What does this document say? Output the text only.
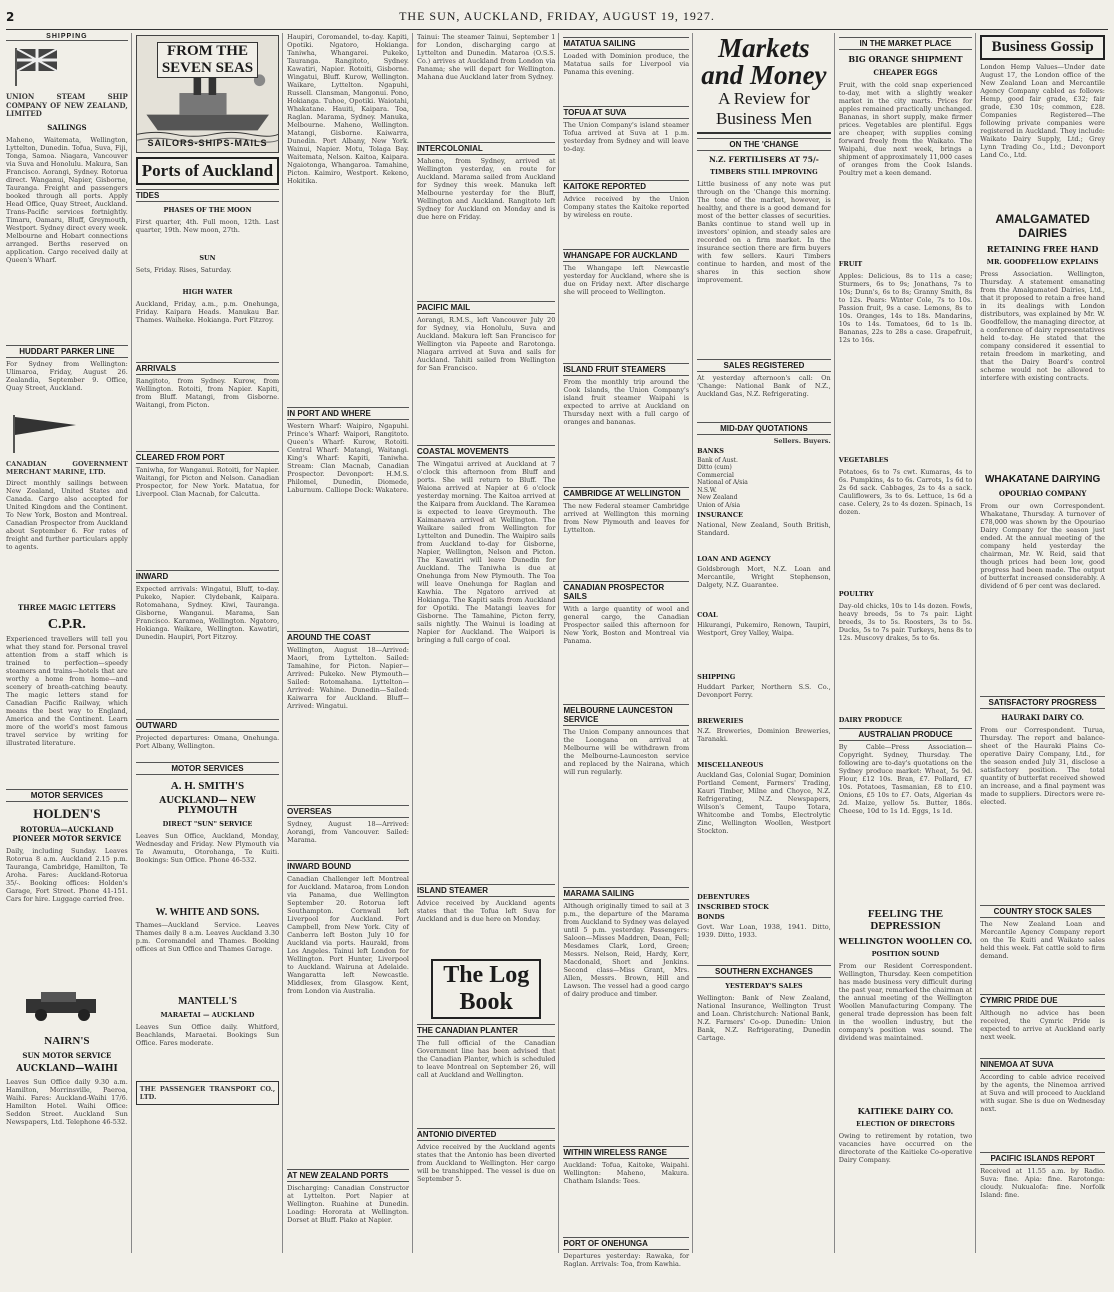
2	THE SUN, AUCKLAND, FRIDAY, AUGUST 19, 1927.
SHIPPING
UNION STEAM SHIP COMPANY OF NEW ZEALAND, LIMITED
SAILINGS
Maheno, Waitemata, Wellington, Lyttelton, Dunedin. Tofua, Suva, Fiji, Tonga, Samoa. Niagara, Vancouver via Suva and Honolulu. Makura, San Francisco. Aorangi, Sydney. Rotorua direct. Wanganui, Napier, Gisborne, Tauranga. Freight and passengers booked through all ports. Apply Head Office, Quay Street, Auckland. Trans-Pacific services fortnightly. Timaru, Oamaru, Bluff, Greymouth, Westport. Sydney direct every week. Melbourne and Hobart connections arranged. Berths reserved on application. Cargo received daily at Queen's Wharf.
HUDDART PARKER LINE
For Sydney from Wellington: Ulimaroa, Friday, August 26. Zealandia, September 9. Office, Quay Street, Auckland.
CANADIAN GOVERNMENT MERCHANT MARINE, LTD.
Direct monthly sailings between New Zealand, United States and Canada. Cargo also accepted for United Kingdom and the Continent. To New York, Boston and Montreal. Canadian Prospector from Auckland about September 6. For rates of freight and further particulars apply to agents.
THREE MAGIC LETTERS
C.P.R.
Experienced travellers will tell you what they stand for. Personal travel attention from a staff which is trained to perfection—speedy steamers and trains—hotels that are worthy a home from home—and scenery of breath-catching beauty. The magic letters stand for Canadian Pacific Railway, which means the best way to England, America and the Continent. Learn more of the world's most famous travel service by writing for illustrated literature.
MOTOR SERVICES
HOLDEN'S
ROTORUA—AUCKLAND PIONEER MOTOR SERVICE
Daily, including Sunday. Leaves Rotorua 8 a.m. Auckland 2.15 p.m. Tauranga, Cambridge, Hamilton, Te Aroha. Fares: Auckland-Rotorua 35/-. Booking offices: Holden's Garage, Fort Street. Phone 41-151. Cars for hire. Luggage carried free.
NAIRN'S
SUN MOTOR SERVICE
AUCKLAND—WAIHI
Leaves Sun Office daily 9.30 a.m. Hamilton, Morrinsville, Paeroa, Waihi. Fares: Auckland-Waihi 17/6. Hamilton Hotel. Waihi Office: Seddon Street. Auckland Sun Newspapers, Ltd. Telephone 46-532.
FROM THE SEVEN SEAS
SAILORS-SHIPS-MAILS
Ports of Auckland
TIDES
PHASES OF THE MOON
First quarter, 4th. Full moon, 12th. Last quarter, 19th. New moon, 27th.
SUN
Sets, Friday. Rises, Saturday.
HIGH WATER
Auckland, Friday, a.m., p.m. Onehunga, Friday. Kaipara Heads. Manukau Bar. Thames. Waiheke. Hokianga. Port Fitzroy.
ARRIVALS
Rangitoto, from Sydney. Kurow, from Wellington. Rotoiti, from Napier. Kapiti, from Bluff. Matangi, from Gisborne. Waitangi, from Picton.
CLEARED FROM PORT
Taniwha, for Wanganui. Rotoiti, for Napier. Waitangi, for Picton and Nelson. Canadian Prospector, for New York. Matatua, for Liverpool. Clan Macnab, for Calcutta.
INWARD
Expected arrivals: Wingatui, Bluff, to-day. Pukeko, Napier. Clydebank, Kaipara. Rotomahana, Sydney. Kiwi, Tauranga. Gisborne, Wanganui. Marama, San Francisco. Karamea, Wellington. Ngatoro, Hokianga. Waikare, Wellington. Kawatiri, Dunedin. Haupiri, Port Fitzroy.
OUTWARD
Projected departures: Omana, Onehunga. Port Albany, Wellington.
MOTOR SERVICES
A. H. SMITH'S
AUCKLAND— NEW PLYMOUTH
DIRECT "SUN" SERVICE
Leaves Sun Office, Auckland, Monday, Wednesday and Friday. New Plymouth via Te Awamutu, Otorohanga, Te Kuiti. Bookings: Sun Office. Phone 46-532.
W. WHITE AND SONS.
Thames—Auckland Service. Leaves Thames daily 8 a.m. Leaves Auckland 3.30 p.m. Coromandel and Thames. Booking offices at Sun Office and Thames Garage.
MANTELL'S
MARAETAI — AUCKLAND
Leaves Sun Office daily. Whitford, Beachlands, Maraetai. Bookings Sun Office. Fares moderate.
THE PASSENGER TRANSPORT CO., LTD.
Haupiri, Coromandel, to-day. Kapiti, Opotiki. Ngatoro, Hokianga. Taniwha, Whangarei. Pukeko, Tauranga. Rangitoto, Sydney. Kawatiri, Napier. Rotoiti, Gisborne. Wingatui, Bluff. Kurow, Wellington. Waikare, Lyttelton. Ngapuhi, Russell. Clansman, Mangonui. Pono, Hokianga. Tuhoe, Opotiki. Waiotahi, Whakatane. Hauiti, Kaipara. Toa, Raglan. Marama, Sydney. Manuka, Melbourne. Maheno, Wellington. Matangi, Gisborne. Kaiwarra, Dunedin. Port Albany, New York. Wainui, Napier. Motu, Tolaga Bay. Waitemata, Nelson. Kaitoa, Kaipara. Ngaiotonga, Whangaroa. Tamahine, Picton. Kaimiro, Westport. Kekeno, Hokitika.
IN PORT AND WHERE
Western Wharf: Waipiro, Ngapuhi. Prince's Wharf: Waipori, Rangitoto. Queen's Wharf: Kurow, Rotoiti. Central Wharf: Matangi, Waitangi. King's Wharf: Kapiti, Taniwha. Stream: Clan Macnab, Canadian Prospector. Devonport: H.M.S. Philomel, Dunedin, Diomede, Laburnum. Calliope Dock: Wakatere.
AROUND THE COAST
Wellington, August 18—Arrived: Maori, from Lyttelton. Sailed: Tamahine, for Picton. Napier—Arrived: Pukeko. New Plymouth—Sailed: Rotomahana. Lyttelton—Arrived: Wahine. Dunedin—Sailed: Kaiwarra for Auckland. Bluff—Arrived: Wingatui.
OVERSEAS
Sydney, August 18—Arrived: Aorangi, from Vancouver. Sailed: Marama.
INWARD BOUND
Canadian Challenger left Montreal for Auckland. Mataroa, from London via Panama, due Wellington September 20. Rotorua left Southampton. Cornwall left Liverpool for Auckland. Port Campbell, from New York. City of Canberra left Boston July 10 for Auckland via ports. Haurakl, from Los Angeles. Tainui left London for Wellington. Port Hunter, Liverpool to Auckland. Wairuna at Adelaide. Wangaratta left Newcastle. Middlesex, from Glasgow. Kent, from London via Australia.
AT NEW ZEALAND PORTS
Discharging: Canadian Constructor at Lyttelton. Port Napier at Wellington. Ruahine at Dunedin. Loading: Hororata at Wellington. Dorset at Bluff. Piako at Napier.
Tainui: The steamer Tainui, September 1 for London, discharging cargo at Lyttelton and Dunedin. Mataroa (O.S.S. Co.) arrives at Auckland from London via Panama; she will depart for Wellington. Mahana due Auckland later from Sydney.
INTERCOLONIAL
Maheno, from Sydney, arrived at Wellington yesterday, en route for Auckland. Marama sailed from Auckland for Sydney this week. Manuka left Melbourne yesterday for the Bluff, Wellington and Auckland. Rangitoto left Sydney for Auckland on Monday and is due here on Friday.
PACIFIC MAIL
Aorangi, R.M.S., left Vancouver July 20 for Sydney, via Honolulu, Suva and Auckland. Makura left San Francisco for Wellington via Papeete and Rarotonga. Niagara arrived at Suva and sails for Auckland. Tahiti sailed from Wellington for San Francisco.
COASTAL MOVEMENTS
The Wingatui arrived at Auckland at 7 o'clock this afternoon from Bluff and ports. She will return to Bluff. The Waiona arrived at Napier at 6 o'clock yesterday morning. The Kaitoa arrived at the Kaipara from Auckland. The Karamea is expected to leave Greymouth. The Kaimanawa arrived at Wellington. The Waikare sailed from Wellington for Lyttelton and Dunedin. The Waipiro sails from Auckland to-day for Gisborne, Napier, Wellington, Nelson and Picton. The Kawatiri will leave Dunedin for Auckland. The Taniwha is due at Onehunga from New Plymouth. The Toa will leave Onehunga for Raglan and Kawhia. The Ngatoro arrived at Hokianga. The Kapiti sails from Auckland for Opotiki. The Matangi leaves for Gisborne. The Tamahine, Picton ferry, sails nightly. The Wainui is loading at Napier for Auckland. The Waipori is bringing a full cargo of coal.
ISLAND STEAMER
Advice received by Auckland agents states that the Tofua left Suva for Auckland and is due here on Monday.
The Log Book
THE CANADIAN PLANTER
The full official of the Canadian Government line has been advised that the Canadian Planter, which is scheduled to leave Montreal on September 26, will call at Auckland and Wellington.
ANTONIO DIVERTED
Advice received by the Auckland agents states that the Antonio has been diverted from Auckland to Wellington. Her cargo will be transhipped. The vessel is due on September 5.
MATATUA SAILING
Loaded with Dominion produce, the Matatua sails for Liverpool via Panama this evening.
TOFUA AT SUVA
The Union Company's island steamer Tofua arrived at Suva at 1 p.m. yesterday from Sydney and will leave to-day.
KAITOKE REPORTED
Advice received by the Union Company states the Kaitoke reported by wireless en route.
WHANGAPE FOR AUCKLAND
The Whangape left Newcastle yesterday for Auckland, where she is due on Friday next. After discharge she will proceed to Wellington.
ISLAND FRUIT STEAMERS
From the monthly trip around the Cook Islands, the Union Company's island fruit steamer Waipahi is expected to arrive at Auckland on Thursday next with a full cargo of oranges and bananas.
CAMBRIDGE AT WELLINGTON
The new Federal steamer Cambridge arrived at Wellington this morning from New Plymouth and leaves for Lyttelton.
CANADIAN PROSPECTOR SAILS
With a large quantity of wool and general cargo, the Canadian Prospector sailed this afternoon for New York, Boston and Montreal via Panama.
MELBOURNE LAUNCESTON SERVICE
The Union Company announces that the Loongana on arrival at Melbourne will be withdrawn from the Melbourne-Launceston service and replaced by the Nairana, which will run regularly.
MARAMA SAILING
Although originally timed to sail at 3 p.m., the departure of the Marama from Auckland to Sydney was delayed until 5 p.m. yesterday. Passengers: Saloon—Misses Maddren, Dean, Fell; Mesdames Clark, Lord, Green; Messrs. Nelson, Reid, Hardy, Kerr, Macdonald, Short and Jenkins. Second class—Miss Grant, Mrs. Allen, Messrs. Brown, Hill and Lawson. The vessel had a good cargo of dairy produce and timber.
WITHIN WIRELESS RANGE
Auckland: Tofua, Kaitoke, Waipahi. Wellington: Maheno, Makura. Chatham Islands: Tees.
PORT OF ONEHUNGA
Departures yesterday: Rawaka, for Raglan. Arrivals: Toa, from Kawhia.
Markets and Money
A Review for Business Men
ON THE 'CHANGE
N.Z. FERTILISERS AT 75/-
TIMBERS STILL IMPROVING
Little business of any note was put through on the 'Change this morning. The tone of the market, however, is healthy, and there is a good demand for most of the better classes of securities. Banks continue to stand well up in investors' opinion, and steady sales are recorded on a firm market. In the insurance section there are firm buyers with few sellers. Kauri Timbers continue to harden, and most of the shares in this section show improvement.
SALES REGISTERED
At yesterday afternoon's call: On 'Change: National Bank of N.Z., Auckland Gas, N.Z. Refrigerating.
MID-DAY QUOTATIONS
Sellers. Buyers.
BANKS
Bank of Aust.		
Ditto (cum)		
Commercial		
National of A/sia		
N.S.W.		
New Zealand		
Union of A/sia		
INSURANCE
National, New Zealand, South British, Standard.
LOAN AND AGENCY
Goldsbrough Mort, N.Z. Loan and Mercantile, Wright Stephenson, Dalgety, N.Z. Guarantee.
COAL
Hikurangi, Pukemiro, Renown, Taupiri, Westport, Grey Valley, Waipa.
SHIPPING
Huddart Parker, Northern S.S. Co., Devonport Ferry.
BREWERIES
N.Z. Breweries, Dominion Breweries, Taranaki.
MISCELLANEOUS
Auckland Gas, Colonial Sugar, Dominion Portland Cement, Farmers' Trading, Kauri Timber, Milne and Choyce, N.Z. Refrigerating, N.Z. Newspapers, Wilson's Cement, Taupo Totara, Whitcombe and Tombs, Electrolytic Zinc, Wellington Woollen, Westport Stockton.
DEBENTURES
INSCRIBED STOCK
BONDS
Govt. War Loan, 1938, 1941. Ditto, 1939. Ditto, 1933.
SOUTHERN EXCHANGES
YESTERDAY'S SALES
Wellington: Bank of New Zealand, National Insurance, Wellington Trust and Loan. Christchurch: National Bank, N.Z. Farmers' Co-op. Dunedin: Union Bank, N.Z. Refrigerating, Dunedin Cartage.
IN THE MARKET PLACE
BIG ORANGE SHIPMENT
CHEAPER EGGS
Fruit, with the cold snap experienced to-day, met with a slightly weaker market in the city marts. Prices for apples remained practically unchanged. Bananas, in short supply, make firmer prices. Vegetables are plentiful. Eggs are cheaper, with supplies coming forward freely from the Waikato. The Waipahi, due next week, brings a shipment of approximately 11,000 cases of oranges from the Cook Islands. Poultry met a keen demand.
FRUIT
Apples: Delicious, 8s to 11s a case; Sturmers, 6s to 9s; Jonathans, 7s to 10s; Dunn's, 6s to 8s; Granny Smith, 8s to 12s. Pears: Winter Cole, 7s to 10s. Passion fruit, 9s a case. Lemons, 8s to 10s. Oranges, 14s to 18s. Mandarins, 10s to 14s. Tomatoes, 6d to 1s lb. Bananas, 22s to 28s a case. Grapefruit, 12s to 16s.
VEGETABLES
Potatoes, 6s to 7s cwt. Kumaras, 4s to 6s. Pumpkins, 4s to 6s. Carrots, 1s 6d to 2s 6d sack. Cabbages, 2s to 4s a sack. Cauliflowers, 3s to 6s. Lettuce, 1s 6d a case. Celery, 2s to 4s dozen. Spinach, 1s dozen.
POULTRY
Day-old chicks, 10s to 14s dozen. Fowls, heavy breeds, 5s to 7s pair. Light breeds, 3s to 5s. Roosters, 3s to 5s. Ducks, 5s to 7s pair. Turkeys, hens 8s to 12s. Muscovy drakes, 5s to 6s.
DAIRY PRODUCE
AUSTRALIAN PRODUCE
By Cable—Press Association—Copyright. Sydney, Thursday. The following are to-day's quotations on the Sydney produce market: Wheat, 5s 9d. Flour, £12 10s. Bran, £7. Pollard, £7 10s. Potatoes, Tasmanian, £8 to £10. Onions, £5 10s to £7. Oats, Algerian 4s 2d. Maize, yellow 5s. Butter, 186s. Cheese, 10d to 1s 1d. Eggs, 1s 1d.
FEELING THE DEPRESSION
WELLINGTON WOOLLEN CO.
POSITION SOUND
From our Resident Correspondent. Wellington, Thursday. Keen competition has made business very difficult during the past year, remarked the chairman at the annual meeting of the Wellington Woollen Manufacturing Company. The general trade depression has been felt in the woollen industry, but the company's position was sound. The dividend was maintained.
KAITIEKE DAIRY CO.
ELECTION OF DIRECTORS
Owing to retirement by rotation, two vacancies have occurred on the directorate of the Kaitieke Co-operative Dairy Company.
Business Gossip
London Hemp Values—Under date August 17, the London office of the New Zealand Loan and Mercantile Agency Company cabled as follows: Hemp, good fair grade, £32; fair grade, £30 10s; common, £28. Companies Registered—The following private companies were registered in Auckland. They include: Waikato Dairy Supply, Ltd.; Grey Lynn Trading Co., Ltd.; Devonport Land Co., Ltd.
AMALGAMATED DAIRIES
RETAINING FREE HAND
MR. GOODFELLOW EXPLAINS
Press Association. Wellington, Thursday. A statement emanating from the Amalgamated Dairies, Ltd., that it proposed to retain a free hand in its dealings with London distributors, was explained by Mr. W. Goodfellow, the managing director, at a conference of dairy representatives held to-day. He stated that the company considered it essential to retain freedom in marketing, and that the Dairy Board's control scheme would not be allowed to interfere with existing contracts.
WHAKATANE DAIRYING
OPOURIAO COMPANY
From our own Correspondent. Whakatane, Thursday. A turnover of £78,000 was shown by the Opouriao Dairy Company for the season just ended. At the annual meeting of the company held yesterday the chairman, Mr. W. Reid, said that though prices had been low, good progress had been made. The output of butterfat increased considerably. A dividend of 6 per cent was declared.
SATISFACTORY PROGRESS
HAURAKI DAIRY CO.
From our Correspondent. Turua, Thursday. The report and balance-sheet of the Hauraki Plains Co-operative Dairy Company, Ltd., for the season ended July 31, disclose a satisfactory position. The total quantity of butterfat received showed an increase, and a final payment was made to suppliers. Directors were re-elected.
COUNTRY STOCK SALES
The New Zealand Loan and Mercantile Agency Company report on the Te Kuiti and Waikato sales held this week. Fat cattle sold to firm demand.
CYMRIC PRIDE DUE
Although no advice has been received, the Cymric Pride is expected to arrive at Auckland early next week.
NINEMOA AT SUVA
According to cable advice received by the agents, the Ninemoa arrived at Suva and will proceed to Auckland with sugar. She is due on Wednesday next.
PACIFIC ISLANDS REPORT
Received at 11.55 a.m. by Radio. Suva: fine. Apia: fine. Rarotonga: cloudy. Nukualofa: fine. Norfolk Island: fine.
